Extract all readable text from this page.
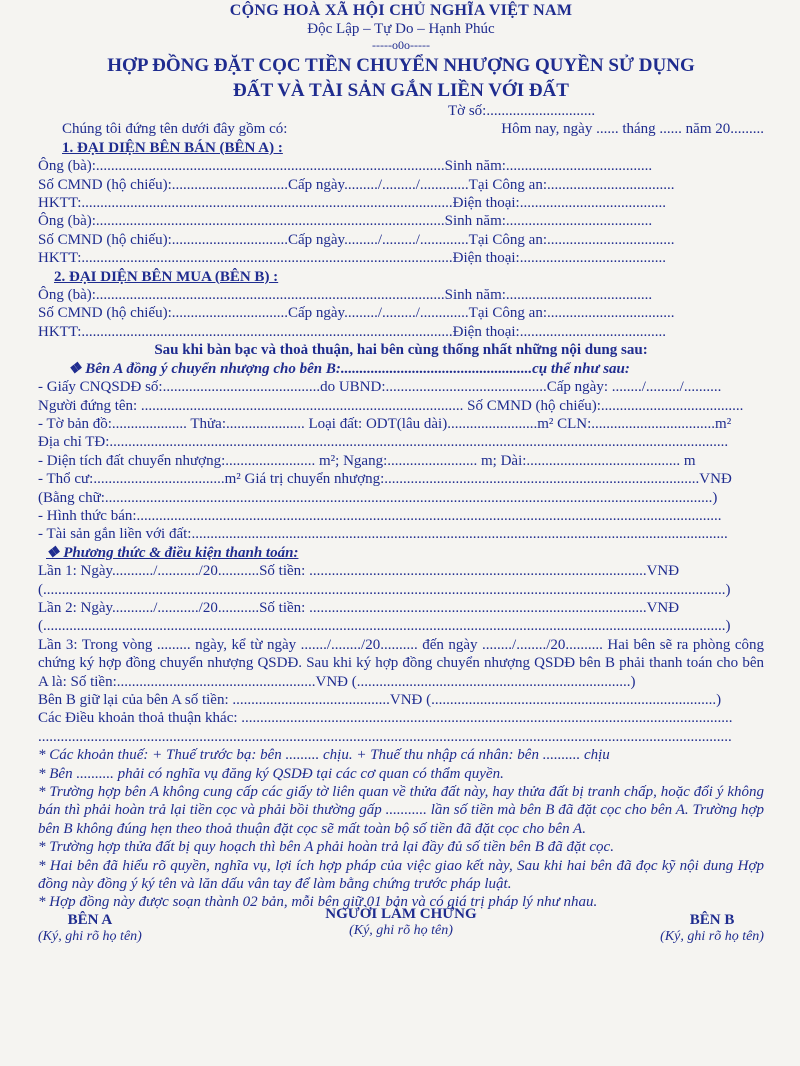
CỘNG HOÀ XÃ HỘI CHỦ NGHĨA VIỆT NAM
Độc Lập – Tự Do – Hạnh Phúc
-----o0o-----
HỢP ĐỒNG ĐẶT CỌC TIỀN CHUYỂN NHƯỢNG QUYỀN SỬ DỤNG
ĐẤT VÀ TÀI SẢN GẮN LIỀN VỚI ĐẤT
Tờ số:.............................
Chúng tôi đứng tên dưới đây gồm có:	Hôm nay, ngày ...... tháng ...... năm 20.........
1. ĐẠI DIỆN BÊN BÁN (BÊN A) :
Ông (bà):.............................................................................................Sinh năm:.......................................
Số CMND (hộ chiếu):...............................Cấp ngày........./........./.............Tại Công an:..................................
HKTT:...................................................................................................Điện thoại:.......................................
Ông (bà):.............................................................................................Sinh năm:.......................................
Số CMND (hộ chiếu):...............................Cấp ngày........./........./.............Tại Công an:..................................
HKTT:...................................................................................................Điện thoại:.......................................
2. ĐẠI DIỆN BÊN MUA (BÊN B) :
Ông (bà):.............................................................................................Sinh năm:.......................................
Số CMND (hộ chiếu):...............................Cấp ngày........./........./.............Tại Công an:..................................
HKTT:...................................................................................................Điện thoại:.......................................
Sau khi bàn bạc và thoả thuận, hai bên cùng thống nhất những nội dung sau:
❖ Bên A đồng ý chuyển nhượng cho bên B:...................................................cụ thể như sau:
- Giấy CNQSDĐ số:..........................................do UBND:...........................................Cấp ngày: ......../........./..........
Người đứng tên: ...................................................................................... Số CMND (hộ chiếu):......................................
- Tờ bản đồ:.................... Thửa:..................... Loại đất: ODT(lâu dài)........................m² CLN:.................................m²
Địa chỉ TĐ:.....................................................................................................................................................................
- Diện tích đất chuyển nhượng:........................ m²; Ngang:........................ m; Dài:......................................... m
- Thổ cư:...................................m² Giá trị chuyển nhượng:....................................................................................VNĐ
(Bằng chữ:..................................................................................................................................................................)
- Hình thức bán:............................................................................................................................................................
- Tài sản gắn liền với đất:...............................................................................................................................................
❖ Phương thức & điều kiện thanh toán:
Lần 1: Ngày.........../.........../20...........Số tiền: ..........................................................................................VNĐ
(......................................................................................................................................................................................)
Lần 2: Ngày.........../.........../20...........Số tiền: ..........................................................................................VNĐ
(......................................................................................................................................................................................)
Lần 3: Trong vòng ......... ngày, kể từ ngày ......./......../20.......... đến ngày ......../......../20.......... Hai bên sẽ ra phòng công chứng ký hợp đồng chuyển nhượng QSDĐ. Sau khi ký hợp đồng chuyển nhượng QSDĐ bên B phải thanh toán cho bên A là: Số tiền:.....................................................VNĐ (.........................................................................)
Bên B giữ lại của bên A số tiền: ..........................................VNĐ (............................................................................)
Các Điều khoản thoả thuận khác: ...................................................................................................................................
.........................................................................................................................................................................................
* Các khoản thuế: + Thuế trước bạ: bên ......... chịu. + Thuế thu nhập cá nhân: bên .......... chịu
* Bên .......... phải có nghĩa vụ đăng ký QSDĐ tại các cơ quan có thẩm quyền.
* Trường hợp bên A không cung cấp các giấy tờ liên quan về thửa đất này, hay thửa đất bị tranh chấp, hoặc đổi ý không bán thì phải hoàn trả lại tiền cọc và phải bồi thường gấp ........... lần số tiền mà bên B đã đặt cọc cho bên A. Trường hợp bên B không đúng hẹn theo thoả thuận đặt cọc sẽ mất toàn bộ số tiền đã đặt cọc cho bên A.
* Trường hợp thửa đất bị quy hoạch thì bên A phải hoàn trả lại đầy đủ số tiền bên B đã đặt cọc.
* Hai bên đã hiểu rõ quyền, nghĩa vụ, lợi ích hợp pháp của việc giao kết này, Sau khi hai bên đã đọc kỹ nội dung Hợp đồng này đồng ý ký tên và lăn dấu vân tay để làm bằng chứng trước pháp luật.
* Hợp đồng này được soạn thành 02 bản, mỗi bên giữ 01 bản và có giá trị pháp lý như nhau.
BÊN A
(Ký, ghi rõ họ tên)
NGƯỜI LÀM CHỨNG
(Ký, ghi rõ họ tên)
BÊN B
(Ký, ghi rõ họ tên)
